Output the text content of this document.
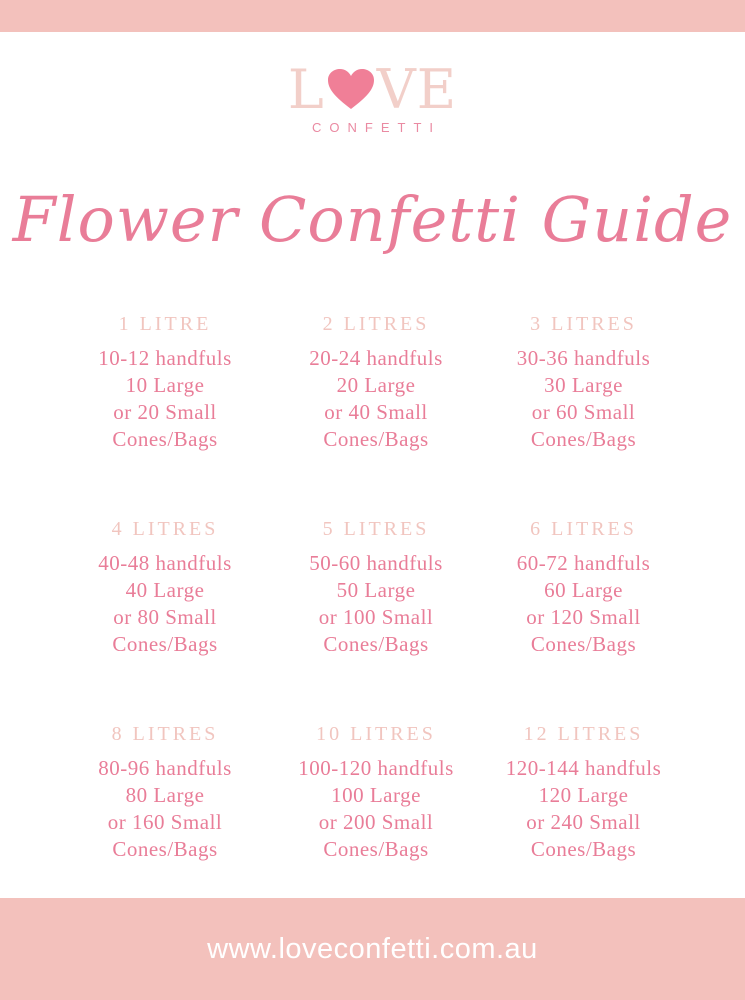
L VE
CONFETTI
Flower Confetti Guide
1 LITRE
10-12 handfuls
10 Large
or 20 Small
Cones/Bags
2 LITRES
20-24 handfuls
20 Large
or 40 Small
Cones/Bags
3 LITRES
30-36 handfuls
30 Large
or 60 Small
Cones/Bags
4 LITRES
40-48 handfuls
40 Large
or 80 Small
Cones/Bags
5 LITRES
50-60 handfuls
50 Large
or 100 Small
Cones/Bags
6 LITRES
60-72 handfuls
60 Large
or 120 Small
Cones/Bags
8 LITRES
80-96 handfuls
80 Large
or 160 Small
Cones/Bags
10 LITRES
100-120 handfuls
100 Large
or 200 Small
Cones/Bags
12 LITRES
120-144 handfuls
120 Large
or 240 Small
Cones/Bags
www.loveconfetti.com.au
